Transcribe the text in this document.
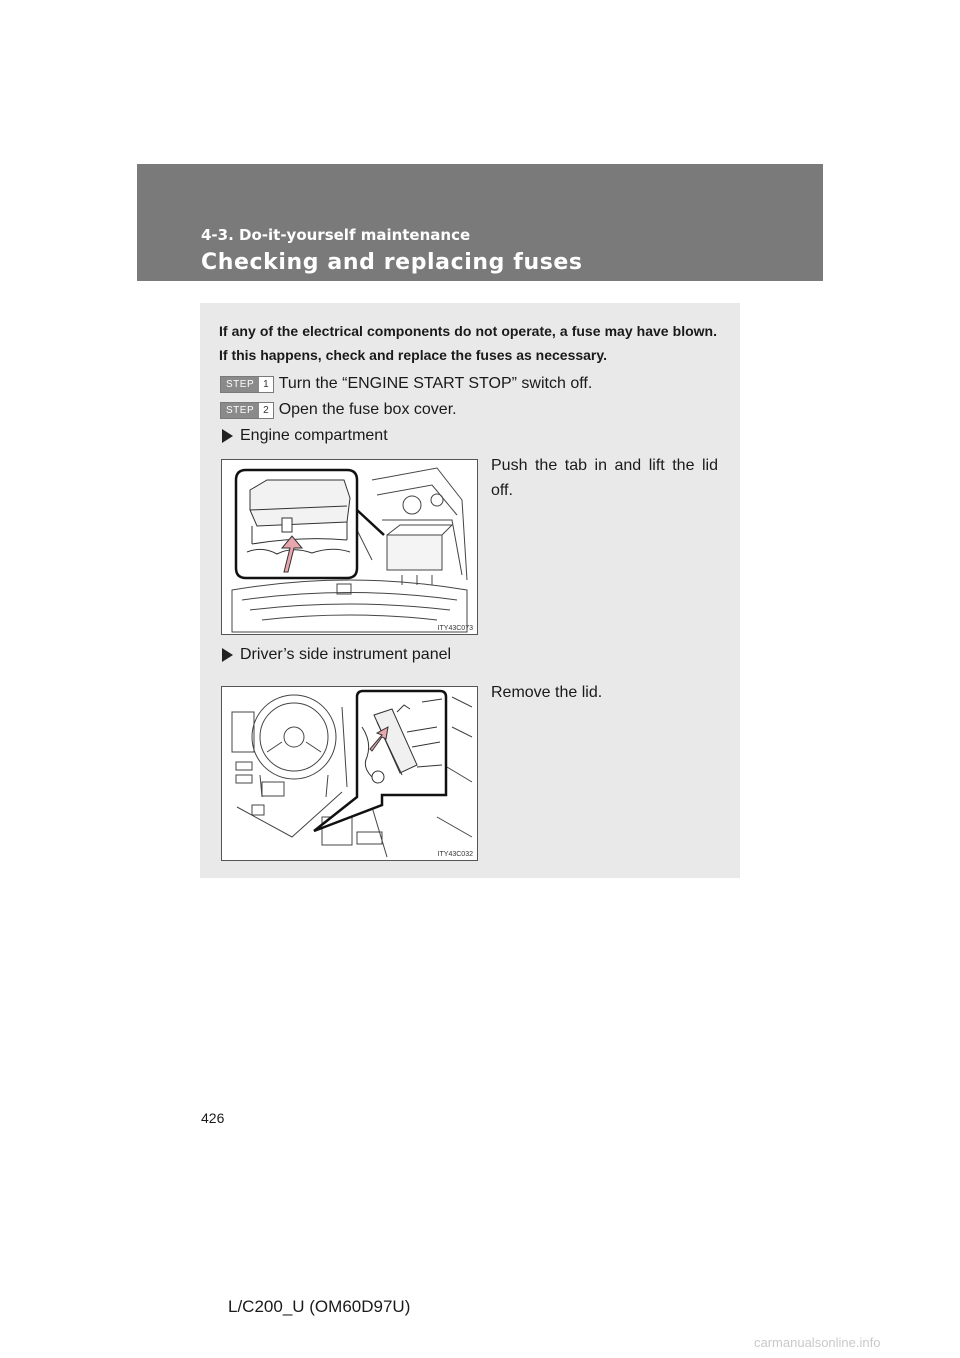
4-3. Do-it-yourself maintenance
Checking and replacing fuses
If any of the electrical components do not operate, a fuse may have blown. If this happens, check and replace the fuses as necessary.
STEP 1 Turn the “ENGINE START STOP” switch off.
STEP 2 Open the fuse box cover.
Engine compartment
ITY43C073
Push the tab in and lift the lid off.
Driver’s side instrument panel
ITY43C032
Remove the lid.
426
L/C200_U (OM60D97U)
carmanualsonline.info
